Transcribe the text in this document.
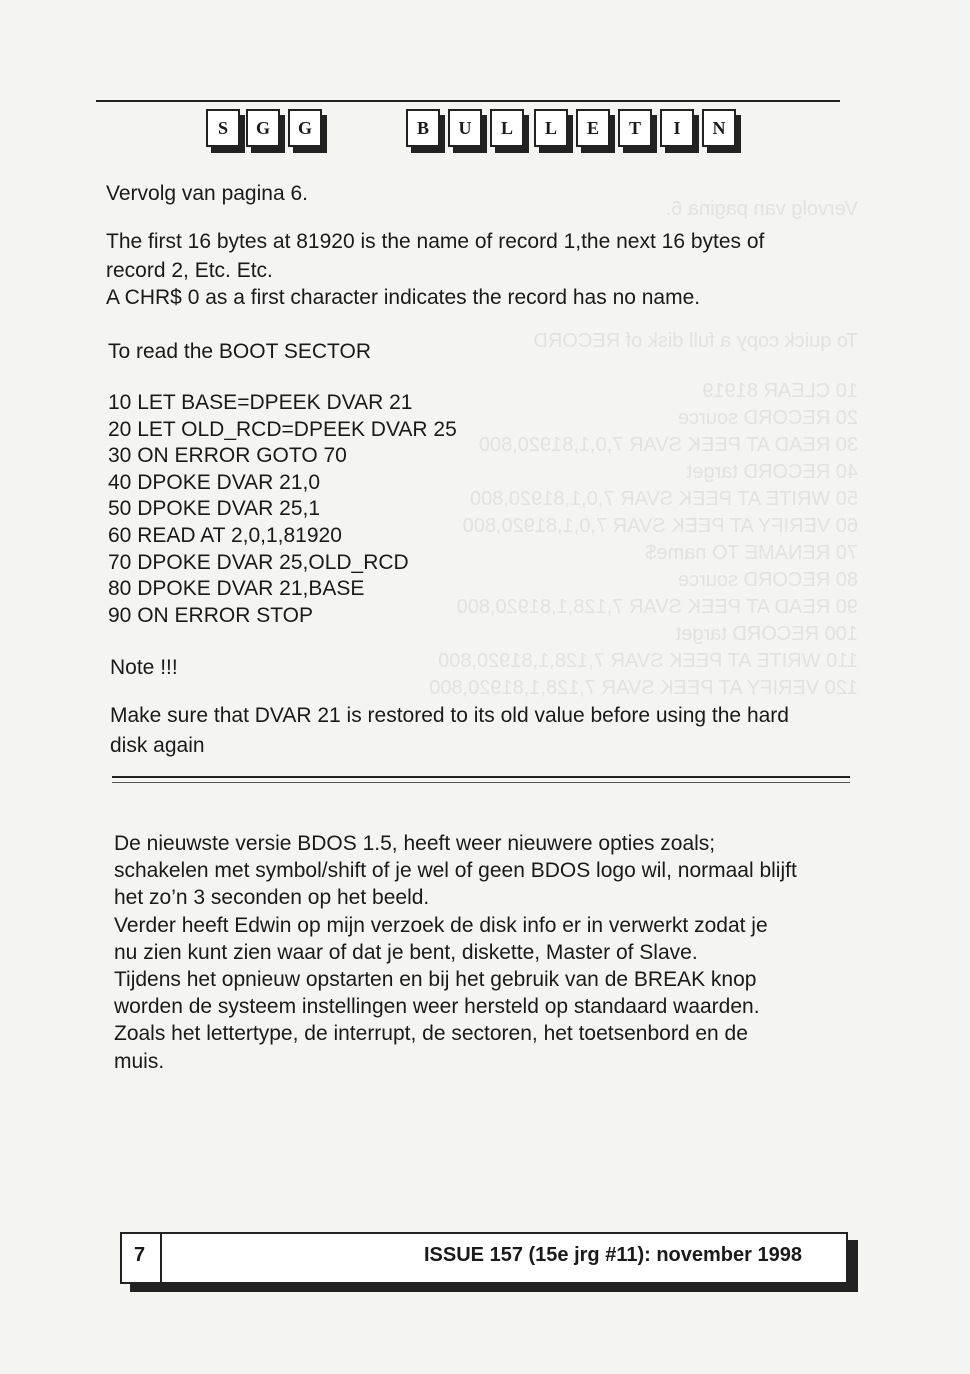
Vervolg van pagina 6.
To quick copy a full disk of RECORD
10 CLEAR 81919
20 RECORD source
30 READ AT PEEK SVAR 7,0,1,81920,800
40 RECORD target
50 WRITE AT PEEK SVAR 7,0,1,81920,800
60 VERIFY AT PEEK SVAR 7,0,1,81920,800
70 RENAME TO name$
80 RECORD source
90 READ AT PEEK SVAR 7,128,1,81920,800
100 RECORD target
110 WRITE AT PEEK SVAR 7,128,1,81920,800
120 VERIFY AT PEEK SVAR 7,128,1,81920,800
S	G	G	B	U	L	L	E	T	I	N
Vervolg van pagina 6.
The first 16 bytes at 81920 is the name of record 1,the next 16 bytes of
record 2, Etc. Etc.
A CHR$ 0 as a first character indicates the record has no name.
To read the BOOT SECTOR
10 LET BASE=DPEEK DVAR 21
20 LET OLD_RCD=DPEEK DVAR 25
30 ON ERROR GOTO 70
40 DPOKE DVAR 21,0
50 DPOKE DVAR 25,1
60 READ AT 2,0,1,81920
70 DPOKE DVAR 25,OLD_RCD
80 DPOKE DVAR 21,BASE
90 ON ERROR STOP
Note !!!
Make sure that DVAR 21 is restored to its old value before using the hard
disk again
De nieuwste versie BDOS 1.5, heeft weer nieuwere opties zoals;
schakelen met symbol/shift of je wel of geen BDOS logo wil, normaal blijft
het zo’n 3 seconden op het beeld.
Verder heeft Edwin op mijn verzoek de disk info er in verwerkt zodat je
nu zien kunt zien waar of dat je bent, diskette, Master of Slave.
Tijdens het opnieuw opstarten en bij het gebruik van de BREAK knop
worden de systeem instellingen weer hersteld op standaard waarden.
Zoals het lettertype, de interrupt, de sectoren, het toetsenbord en de
muis.
7	ISSUE 157 (15e jrg #11): november 1998
